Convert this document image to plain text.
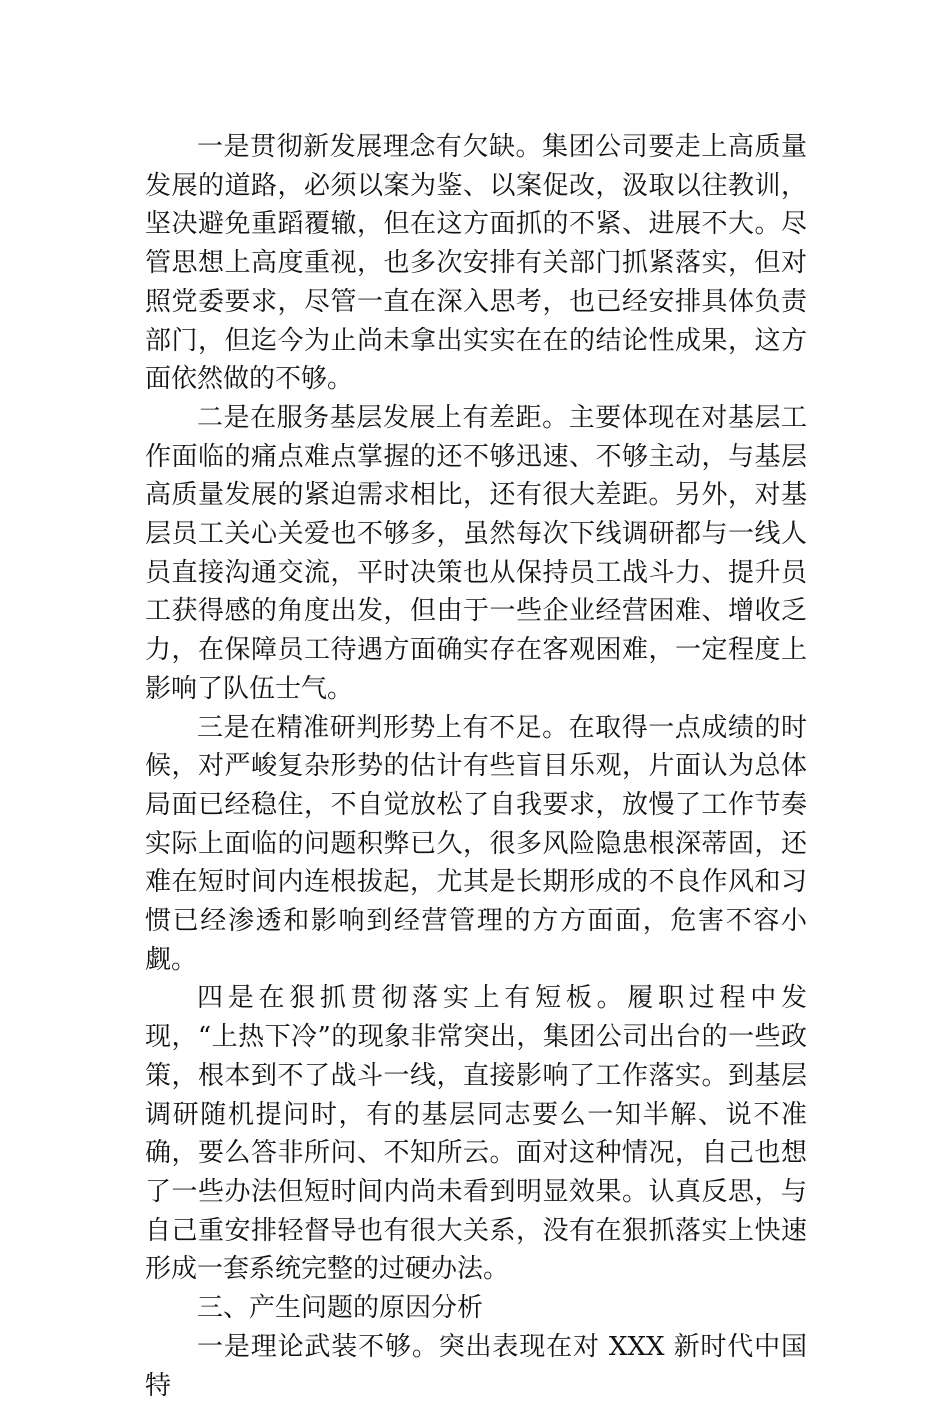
一是贯彻新发展理念有欠缺。集团公司要走上高质量发展的道路，必须以案为鉴、以案促改，汲取以往教训，坚决避免重蹈覆辙，但在这方面抓的不紧、进展不大。尽管思想上高度重视，也多次安排有关部门抓紧落实，但对照党委要求，尽管一直在深入思考，也已经安排具体负责部门，但迄今为止尚未拿出实实在在的结论性成果，这方面依然做的不够。

二是在服务基层发展上有差距。主要体现在对基层工作面临的痛点难点掌握的还不够迅速、不够主动，与基层高质量发展的紧迫需求相比，还有很大差距。另外，对基层员工关心关爱也不够多，虽然每次下线调研都与一线人员直接沟通交流，平时决策也从保持员工战斗力、提升员工获得感的角度出发，但由于一些企业经营困难、增收乏力，在保障员工待遇方面确实存在客观困难，一定程度上影响了队伍士气。

三是在精准研判形势上有不足。在取得一点成绩的时候，对严峻复杂形势的估计有些盲目乐观，片面认为总体局面已经稳住，不自觉放松了自我要求，放慢了工作节奏实际上面临的问题积弊已久，很多风险隐患根深蒂固，还难在短时间内连根拔起，尤其是长期形成的不良作风和习惯已经渗透和影响到经营管理的方方面面，危害不容小觑。

四是在狠抓贯彻落实上有短板。履职过程中发现，“上热下冷”的现象非常突出，集团公司出台的一些政策，根本到不了战斗一线，直接影响了工作落实。到基层调研随机提问时，有的基层同志要么一知半解、说不准确，要么答非所问、不知所云。面对这种情况，自己也想了一些办法但短时间内尚未看到明显效果。认真反思，与自己重安排轻督导也有很大关系，没有在狠抓落实上快速形成一套系统完整的过硬办法。

三、产生问题的原因分析

一是理论武装不够。突出表现在对 XXX 新时代中国特
